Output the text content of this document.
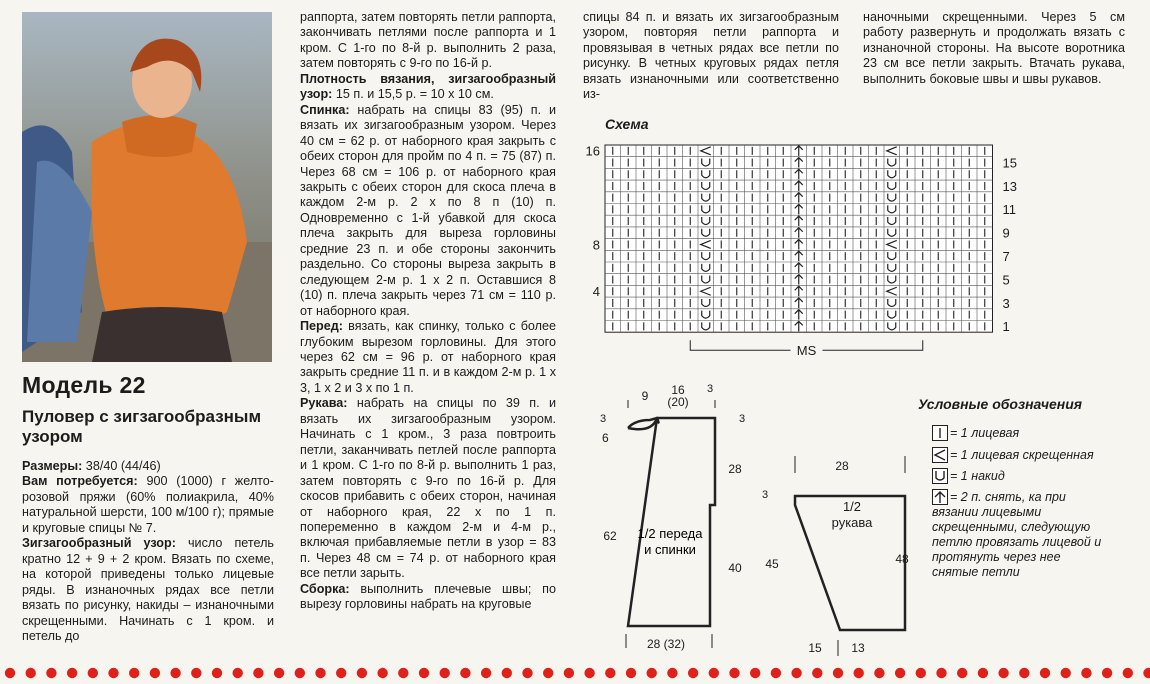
Модель 22
Пуловер с зигзагообразным узором

Размеры: 38/40 (44/46)

Вам потребуется: 900 (1000) г желто-розовой пряжи (60% полиакрила, 40% натуральной шерсти, 100 м/100 г); прямые и круговые спицы № 7.

Зигзагообразный узор: число петель кратно 12 + 9 + 2 кром. Вязать по схеме, на которой приведены только лицевые ряды. В изнаночных рядах все петли вязать по рисунку, накиды – изнаночными скрещенными. Начинать с 1 кром. и петель до

раппорта, затем повторять петли раппорта, закончивать петлями после раппорта и 1 кром. С 1-го по 8-й р. выполнить 2 раза, затем повторять с 9-го по 16-й р.

Плотность вязания, зигзагообразный узор: 15 п. и 15,5 р. = 10 х 10 см.

Спинка: набрать на спицы 83 (95) п. и вязать их зигзагообразным узором. Через 40 см = 62 р. от наборного края закрыть с обеих сторон для пройм по 4 п. = 75 (87) п. Через 68 см = 106 р. от наборного края закрыть с обеих сторон для скоса плеча в каждом 2-м р. 2 х по 8 п (10) п. Одновременно с 1-й убавкой для скоса плеча закрыть для выреза горловины средние 23 п. и обе стороны закончить раздельно. Со стороны выреза закрыть в следующем 2-м р. 1 х 2 п. Оставшися 8 (10) п. плеча закрыть через 71 см = 110 р. от наборного края.

Перед: вязать, как спинку, только с более глубоким вырезом горловины. Для этого через 62 см = 96 р. от наборного края закрыть средние 11 п. и в каждом 2-м р. 1 х 3, 1 х 2 и 3 х по 1 п.

Рукава: набрать на спицы по 39 п. и вязать их зигзагообразным узором. Начинать с 1 кром., 3 раза повтроить петли, заканчивать петлей после раппорта и 1 кром. С 1-го по 8-й р. выполнить 1 раз, затем повторять с 9-го по 16-й р. Для скосов прибавить с обеих сторон, начиная от наборного края, 22 х по 1 п. попеременно в каждом 2-м и 4-м р., включая прибавляемые петли в узор = 83 п. Через 48 см = 74 р. от наборного края все петли зарыть.

Сборка: выполнить плечевые швы; по вырезу горловины набрать на круговые

спицы 84 п. и вязать их зигзагообразным узором, повторяя петли раппорта и провязывая в четных рядах все петли по рисунку. В четных круговых рядах петля вязать изнаночными или соответственно из-

наночными скрещенными. Через 5 см работу развернуть и продолжать вязать с изнаночной стороны. На высоте воротника 23 см все петли закрыть. Втачать рукава, выполнить боковые швы и швы рукавов.

Схема
16
8
4
15
13
11
9
7
5
3
1
MS
1/2 переда и спинки
9 16
(20)
3
3
6
3
28
62
40
28 (32)
1/2
рукава
28
3
45	48
15 13
Условные обозначения
= 1 лицевая
= 1 лицевая скрещенная
= 1 накид
= 2 п. снять, ка при вязании лицевыми скрещенными, следующую петлю провязать лицевой и протянуть через нее снятые петли
